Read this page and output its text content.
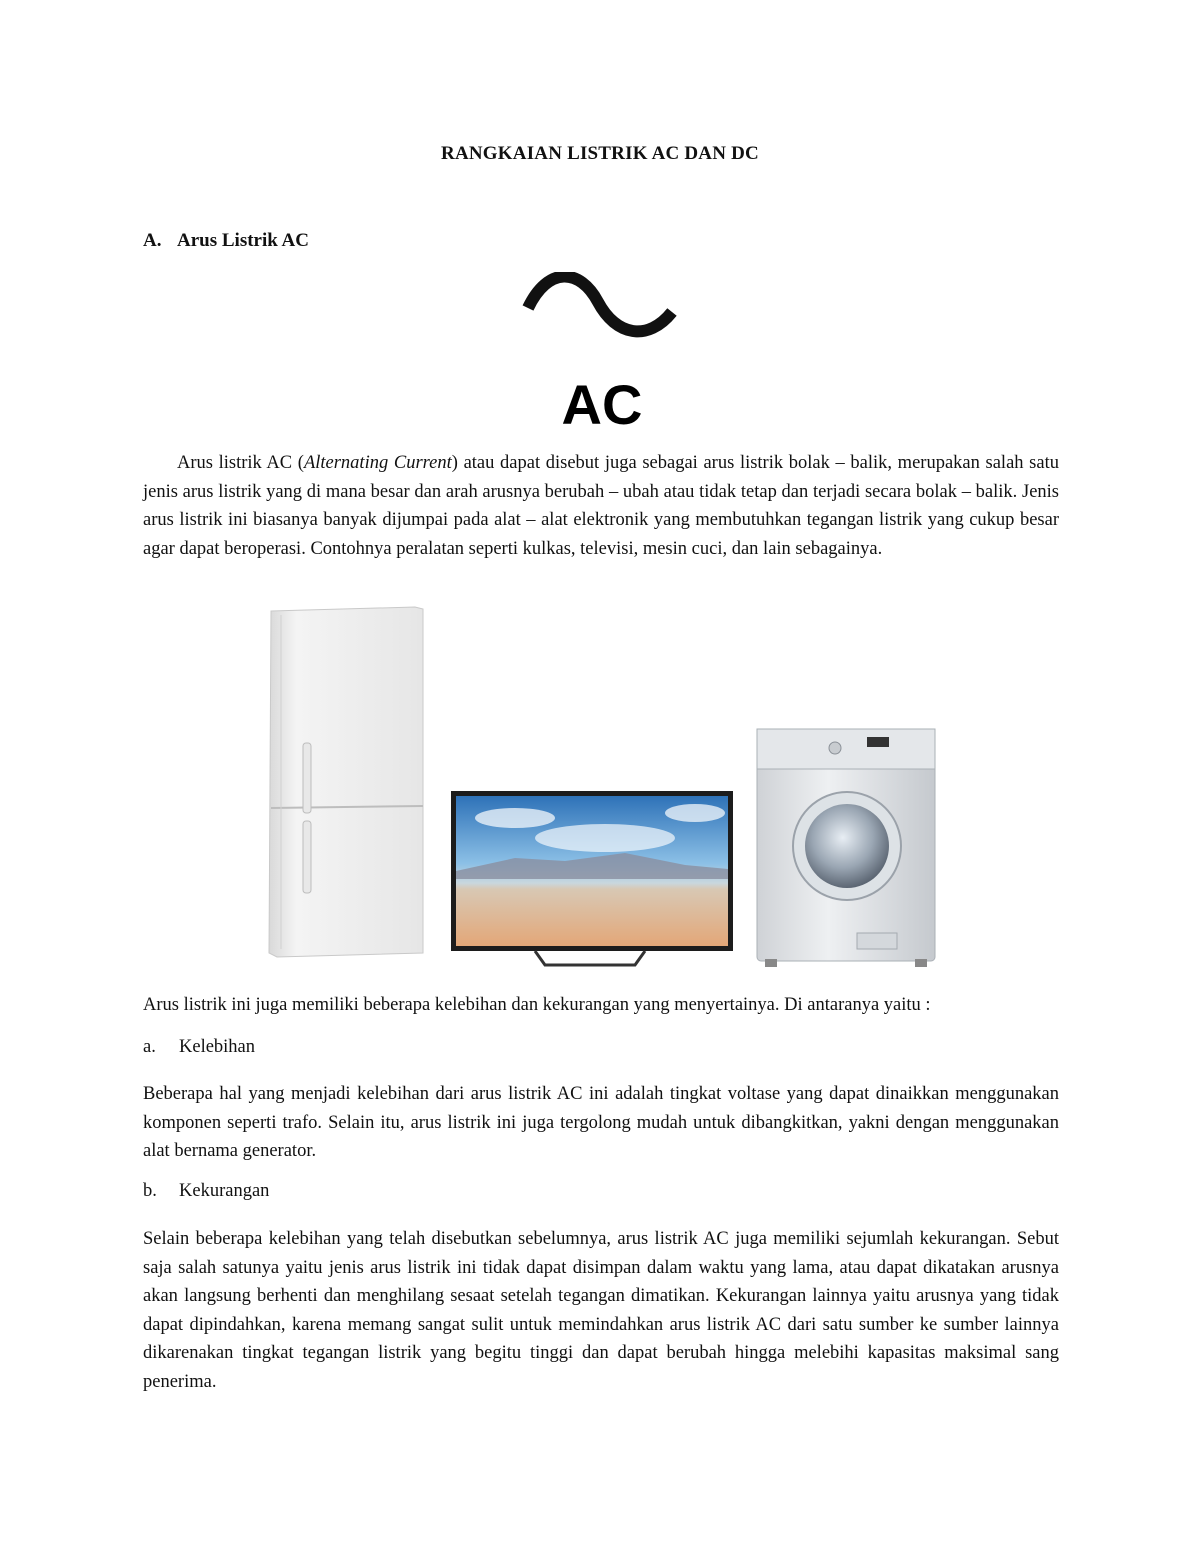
RANGKAIAN LISTRIK AC DAN DC
A. Arus Listrik AC
AC

Arus listrik AC (Alternating Current) atau dapat disebut juga sebagai arus listrik bolak – balik, merupakan salah satu jenis arus listrik yang di mana besar dan arah arusnya berubah – ubah atau tidak tetap dan terjadi secara bolak – balik. Jenis arus listrik ini biasanya banyak dijumpai pada alat – alat elektronik yang membutuhkan tegangan listrik yang cukup besar agar dapat beroperasi. Contohnya peralatan seperti kulkas, televisi, mesin cuci, dan lain sebagainya.

Arus listrik ini juga memiliki beberapa kelebihan dan kekurangan yang menyertainya. Di antaranya yaitu :

a. Kelebihan

Beberapa hal yang menjadi kelebihan dari arus listrik AC ini adalah tingkat voltase yang dapat dinaikkan menggunakan komponen seperti trafo. Selain itu, arus listrik ini juga tergolong mudah untuk dibangkitkan, yakni dengan menggunakan alat bernama generator.

b. Kekurangan

Selain beberapa kelebihan yang telah disebutkan sebelumnya, arus listrik AC juga memiliki sejumlah kekurangan. Sebut saja salah satunya yaitu jenis arus listrik ini tidak dapat disimpan dalam waktu yang lama, atau dapat dikatakan arusnya akan langsung berhenti dan menghilang sesaat setelah tegangan dimatikan. Kekurangan lainnya yaitu arusnya yang tidak dapat dipindahkan, karena memang sangat sulit untuk memindahkan arus listrik AC dari satu sumber ke sumber lainnya dikarenakan tingkat tegangan listrik yang begitu tinggi dan dapat berubah hingga melebihi kapasitas maksimal sang penerima.
